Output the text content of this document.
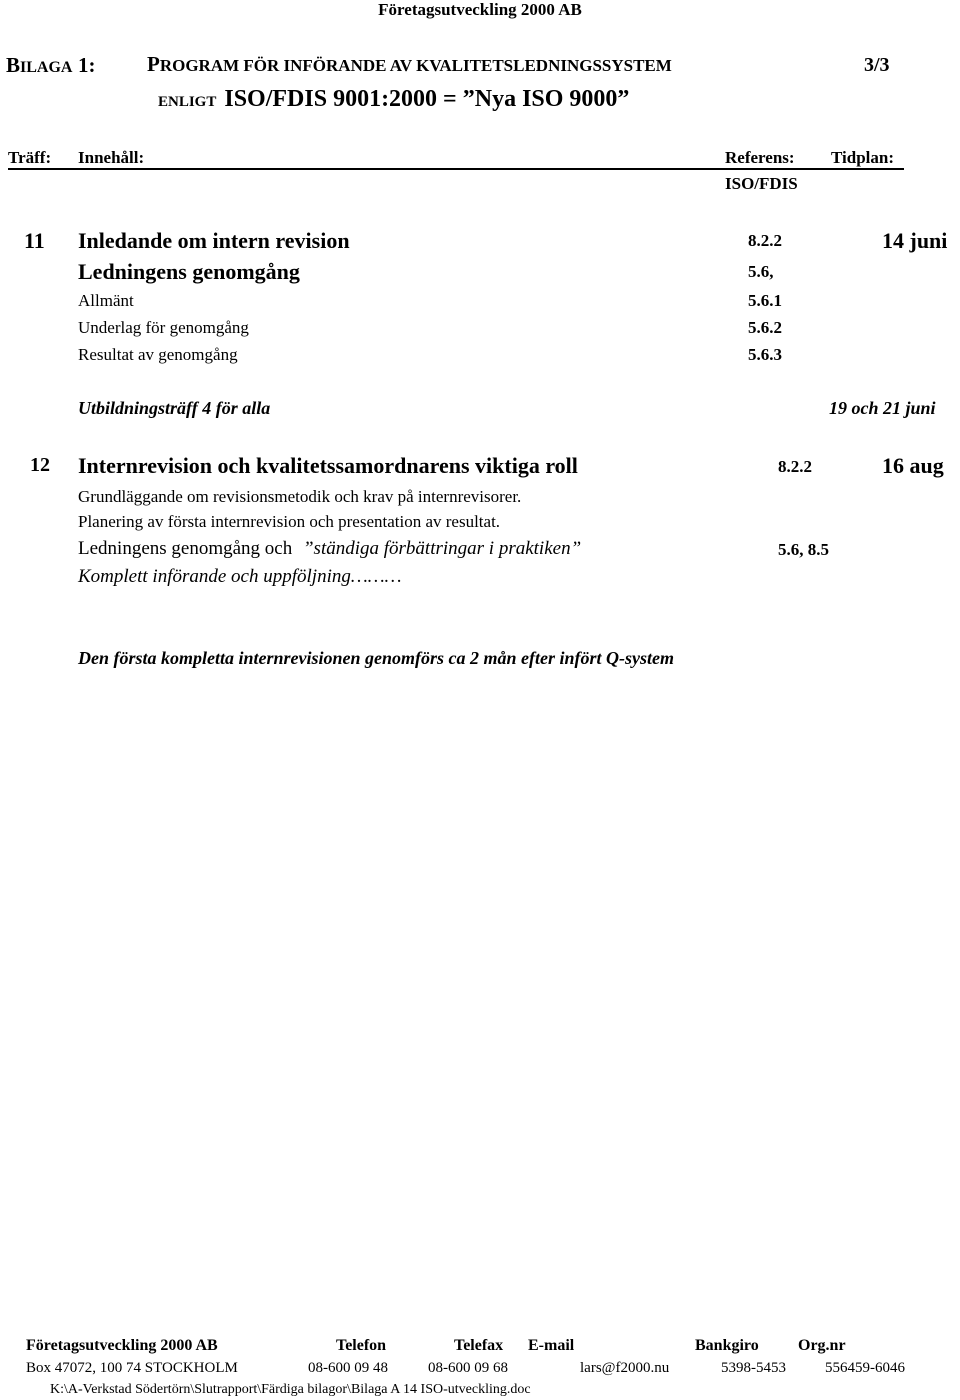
Företagsutveckling 2000 AB
BILAGA 1: PROGRAM FÖR INFÖRANDE AV KVALITETSLEDNINGSSYSTEM	3/3
ENLIGT ISO/FDIS 9001:2000 = ”Nya ISO 9000”
Träff: Innehåll:	Referens: Tidplan:
ISO/FDIS
11 Inledande om intern revision	8.2.2	14 juni
Ledningens genomgång	5.6,
Allmänt	5.6.1
Underlag för genomgång	5.6.2
Resultat av genomgång	5.6.3
Utbildningsträff 4 för alla	19 och 21 juni
12 Internrevision och kvalitetssamordnarens viktiga roll	8.2.2	16 aug
Grundläggande om revisionsmetodik och krav på internrevisorer.
Planering av första internrevision och presentation av resultat.
Ledningens genomgång och ”ständiga förbättringar i praktiken”	5.6, 8.5
Komplett införande och uppföljning………
Den första kompletta internrevisionen genomförs ca 2 mån efter infört Q-system
Företagsutveckling 2000 AB	Telefon	Telefax E-mail	Bankgiro Org.nr
Box 47072, 100 74 STOCKHOLM	08-600 09 48	08-600 09 68	lars@f2000.nu	5398-5453	556459-6046
K:\A-Verkstad Södertörn\Slutrapport\Färdiga bilagor\Bilaga A 14 ISO-utveckling.doc
